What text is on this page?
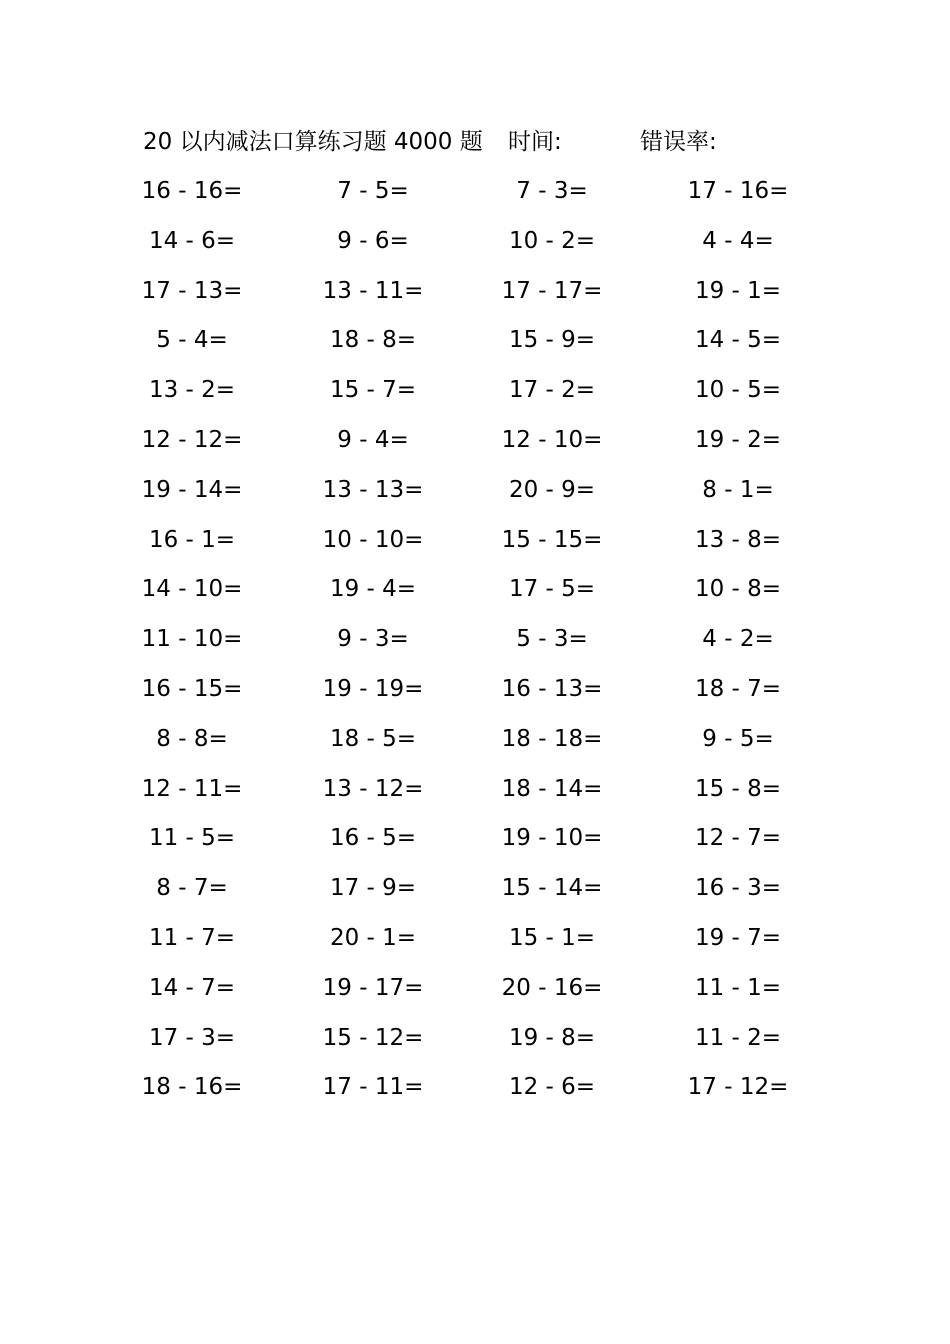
20 以内减法口算练习题 4000 题 时间:	错误率:
16 - 16=	7 - 5=	7 - 3=	17 - 16=
14 - 6=	9 - 6=	10 - 2=	4 - 4=
17 - 13=	13 - 11=	17 - 17=	19 - 1=
5 - 4=	18 - 8=	15 - 9=	14 - 5=
13 - 2=	15 - 7=	17 - 2=	10 - 5=
12 - 12=	9 - 4=	12 - 10=	19 - 2=
19 - 14=	13 - 13=	20 - 9=	8 - 1=
16 - 1=	10 - 10=	15 - 15=	13 - 8=
14 - 10=	19 - 4=	17 - 5=	10 - 8=
11 - 10=	9 - 3=	5 - 3=	4 - 2=
16 - 15=	19 - 19=	16 - 13=	18 - 7=
8 - 8=	18 - 5=	18 - 18=	9 - 5=
12 - 11=	13 - 12=	18 - 14=	15 - 8=
11 - 5=	16 - 5=	19 - 10=	12 - 7=
8 - 7=	17 - 9=	15 - 14=	16 - 3=
11 - 7=	20 - 1=	15 - 1=	19 - 7=
14 - 7=	19 - 17=	20 - 16=	11 - 1=
17 - 3=	15 - 12=	19 - 8=	11 - 2=
18 - 16=	17 - 11=	12 - 6=	17 - 12=
